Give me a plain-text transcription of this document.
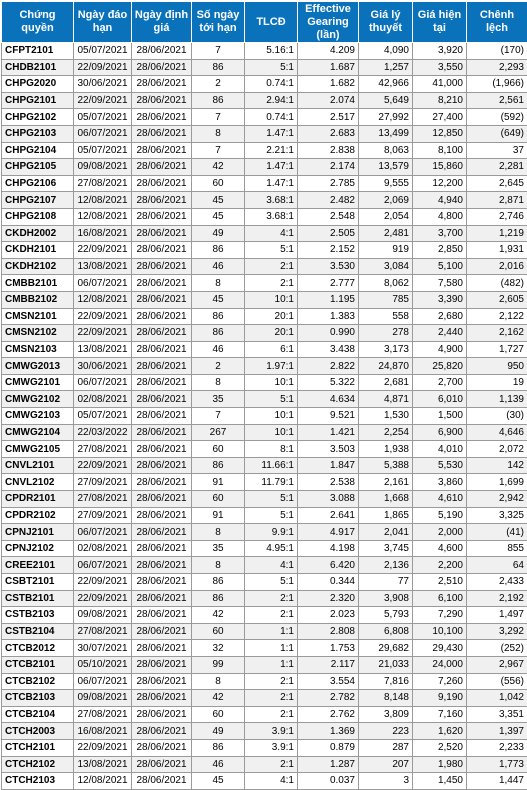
Chứng quyền	Ngày đáo hạn	Ngày định giá	Số ngày tới hạn	TLCĐ	Effective Gearing (lần)	Giá lý thuyết	Giá hiện tại	Chênh lệch
CFPT2101	05/07/2021	28/06/2021	7	5.16:1	4.209	4,090	3,920	(170)
CHDB2101	22/09/2021	28/06/2021	86	5:1	1.687	1,257	3,550	2,293
CHPG2020	30/06/2021	28/06/2021	2	0.74:1	1.682	42,966	41,000	(1,966)
CHPG2101	22/09/2021	28/06/2021	86	2.94:1	2.074	5,649	8,210	2,561
CHPG2102	05/07/2021	28/06/2021	7	0.74:1	2.517	27,992	27,400	(592)
CHPG2103	06/07/2021	28/06/2021	8	1.47:1	2.683	13,499	12,850	(649)
CHPG2104	05/07/2021	28/06/2021	7	2.21:1	2.838	8,063	8,100	37
CHPG2105	09/08/2021	28/06/2021	42	1.47:1	2.174	13,579	15,860	2,281
CHPG2106	27/08/2021	28/06/2021	60	1.47:1	2.785	9,555	12,200	2,645
CHPG2107	12/08/2021	28/06/2021	45	3.68:1	2.482	2,069	4,940	2,871
CHPG2108	12/08/2021	28/06/2021	45	3.68:1	2.548	2,054	4,800	2,746
CKDH2002	16/08/2021	28/06/2021	49	4:1	2.505	2,481	3,700	1,219
CKDH2101	22/09/2021	28/06/2021	86	5:1	2.152	919	2,850	1,931
CKDH2102	13/08/2021	28/06/2021	46	2:1	3.530	3,084	5,100	2,016
CMBB2101	06/07/2021	28/06/2021	8	2:1	2.777	8,062	7,580	(482)
CMBB2102	12/08/2021	28/06/2021	45	10:1	1.195	785	3,390	2,605
CMSN2101	22/09/2021	28/06/2021	86	20:1	1.383	558	2,680	2,122
CMSN2102	22/09/2021	28/06/2021	86	20:1	0.990	278	2,440	2,162
CMSN2103	13/08/2021	28/06/2021	46	6:1	3.438	3,173	4,900	1,727
CMWG2013	30/06/2021	28/06/2021	2	1.97:1	2.822	24,870	25,820	950
CMWG2101	06/07/2021	28/06/2021	8	10:1	5.322	2,681	2,700	19
CMWG2102	02/08/2021	28/06/2021	35	5:1	4.634	4,871	6,010	1,139
CMWG2103	05/07/2021	28/06/2021	7	10:1	9.521	1,530	1,500	(30)
CMWG2104	22/03/2022	28/06/2021	267	10:1	1.421	2,254	6,900	4,646
CMWG2105	27/08/2021	28/06/2021	60	8:1	3.503	1,938	4,010	2,072
CNVL2101	22/09/2021	28/06/2021	86	11.66:1	1.847	5,388	5,530	142
CNVL2102	27/09/2021	28/06/2021	91	11.79:1	2.538	2,161	3,860	1,699
CPDR2101	27/08/2021	28/06/2021	60	5:1	3.088	1,668	4,610	2,942
CPDR2102	27/09/2021	28/06/2021	91	5:1	2.641	1,865	5,190	3,325
CPNJ2101	06/07/2021	28/06/2021	8	9.9:1	4.917	2,041	2,000	(41)
CPNJ2102	02/08/2021	28/06/2021	35	4.95:1	4.198	3,745	4,600	855
CREE2101	06/07/2021	28/06/2021	8	4:1	6.420	2,136	2,200	64
CSBT2101	22/09/2021	28/06/2021	86	5:1	0.344	77	2,510	2,433
CSTB2101	22/09/2021	28/06/2021	86	2:1	2.320	3,908	6,100	2,192
CSTB2103	09/08/2021	28/06/2021	42	2:1	2.023	5,793	7,290	1,497
CSTB2104	27/08/2021	28/06/2021	60	1:1	2.808	6,808	10,100	3,292
CTCB2012	30/07/2021	28/06/2021	32	1:1	1.753	29,682	29,430	(252)
CTCB2101	05/10/2021	28/06/2021	99	1:1	2.117	21,033	24,000	2,967
CTCB2102	06/07/2021	28/06/2021	8	2:1	3.554	7,816	7,260	(556)
CTCB2103	09/08/2021	28/06/2021	42	2:1	2.782	8,148	9,190	1,042
CTCB2104	27/08/2021	28/06/2021	60	2:1	2.762	3,809	7,160	3,351
CTCH2003	16/08/2021	28/06/2021	49	3.9:1	1.369	223	1,620	1,397
CTCH2101	22/09/2021	28/06/2021	86	3.9:1	0.879	287	2,520	2,233
CTCH2102	13/08/2021	28/06/2021	46	2:1	1.287	207	1,980	1,773
CTCH2103	12/08/2021	28/06/2021	45	4:1	0.037	3	1,450	1,447
